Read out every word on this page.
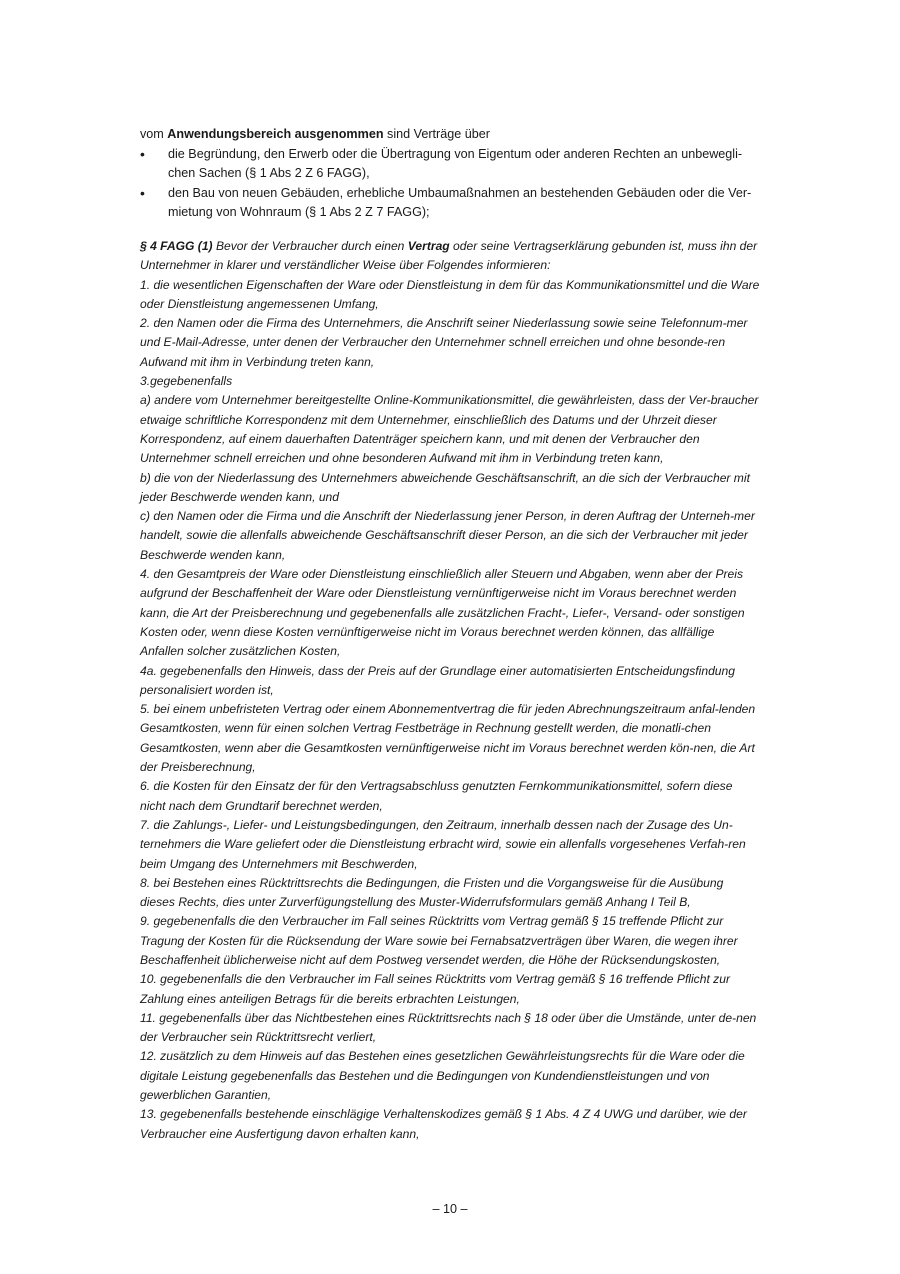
vom Anwendungsbereich ausgenommen sind Verträge über

• die Begründung, den Erwerb oder die Übertragung von Eigentum oder anderen Rechten an unbewegli-chen Sachen (§ 1 Abs 2 Z 6 FAGG),
• den Bau von neuen Gebäuden, erhebliche Umbaumaßnahmen an bestehenden Gebäuden oder die Ver-mietung von Wohnraum (§ 1 Abs 2 Z 7 FAGG);

§ 4 FAGG (1) Bevor der Verbraucher durch einen Vertrag oder seine Vertragserklärung gebunden ist, muss ihn der Unternehmer in klarer und verständlicher Weise über Folgendes informieren:

1. die wesentlichen Eigenschaften der Ware oder Dienstleistung in dem für das Kommunikationsmittel und die Ware oder Dienstleistung angemessenen Umfang,

2. den Namen oder die Firma des Unternehmers, die Anschrift seiner Niederlassung sowie seine Telefonnum-mer und E-Mail-Adresse, unter denen der Verbraucher den Unternehmer schnell erreichen und ohne besonde-ren Aufwand mit ihm in Verbindung treten kann,

3.gegebenenfalls

a) andere vom Unternehmer bereitgestellte Online-Kommunikationsmittel, die gewährleisten, dass der Ver-braucher etwaige schriftliche Korrespondenz mit dem Unternehmer, einschließlich des Datums und der Uhrzeit dieser Korrespondenz, auf einem dauerhaften Datenträger speichern kann, und mit denen der Verbraucher den Unternehmer schnell erreichen und ohne besonderen Aufwand mit ihm in Verbindung treten kann,

b) die von der Niederlassung des Unternehmers abweichende Geschäftsanschrift, an die sich der Verbraucher mit jeder Beschwerde wenden kann, und

c) den Namen oder die Firma und die Anschrift der Niederlassung jener Person, in deren Auftrag der Unterneh-mer handelt, sowie die allenfalls abweichende Geschäftsanschrift dieser Person, an die sich der Verbraucher mit jeder Beschwerde wenden kann,

4. den Gesamtpreis der Ware oder Dienstleistung einschließlich aller Steuern und Abgaben, wenn aber der Preis aufgrund der Beschaffenheit der Ware oder Dienstleistung vernünftigerweise nicht im Voraus berechnet werden kann, die Art der Preisberechnung und gegebenenfalls alle zusätzlichen Fracht-, Liefer-, Versand- oder sonstigen Kosten oder, wenn diese Kosten vernünftigerweise nicht im Voraus berechnet werden können, das allfällige Anfallen solcher zusätzlichen Kosten,

4a. gegebenenfalls den Hinweis, dass der Preis auf der Grundlage einer automatisierten Entscheidungsfindung personalisiert worden ist,

5. bei einem unbefristeten Vertrag oder einem Abonnementvertrag die für jeden Abrechnungszeitraum anfal-lenden Gesamtkosten, wenn für einen solchen Vertrag Festbeträge in Rechnung gestellt werden, die monatli-chen Gesamtkosten, wenn aber die Gesamtkosten vernünftigerweise nicht im Voraus berechnet werden kön-nen, die Art der Preisberechnung,

6. die Kosten für den Einsatz der für den Vertragsabschluss genutzten Fernkommunikationsmittel, sofern diese nicht nach dem Grundtarif berechnet werden,

7. die Zahlungs-, Liefer- und Leistungsbedingungen, den Zeitraum, innerhalb dessen nach der Zusage des Un-ternehmers die Ware geliefert oder die Dienstleistung erbracht wird, sowie ein allenfalls vorgesehenes Verfah-ren beim Umgang des Unternehmers mit Beschwerden,

8. bei Bestehen eines Rücktrittsrechts die Bedingungen, die Fristen und die Vorgangsweise für die Ausübung dieses Rechts, dies unter Zurverfügungstellung des Muster-Widerrufsformulars gemäß Anhang I Teil B,

9. gegebenenfalls die den Verbraucher im Fall seines Rücktritts vom Vertrag gemäß § 15 treffende Pflicht zur Tragung der Kosten für die Rücksendung der Ware sowie bei Fernabsatzverträgen über Waren, die wegen ihrer Beschaffenheit üblicherweise nicht auf dem Postweg versendet werden, die Höhe der Rücksendungskosten,

10. gegebenenfalls die den Verbraucher im Fall seines Rücktritts vom Vertrag gemäß § 16 treffende Pflicht zur Zahlung eines anteiligen Betrags für die bereits erbrachten Leistungen,

11. gegebenenfalls über das Nichtbestehen eines Rücktrittsrechts nach § 18 oder über die Umstände, unter de-nen der Verbraucher sein Rücktrittsrecht verliert,

12. zusätzlich zu dem Hinweis auf das Bestehen eines gesetzlichen Gewährleistungsrechts für die Ware oder die digitale Leistung gegebenenfalls das Bestehen und die Bedingungen von Kundendienstleistungen und von gewerblichen Garantien,

13. gegebenenfalls bestehende einschlägige Verhaltenskodizes gemäß § 1 Abs. 4 Z 4 UWG und darüber, wie der Verbraucher eine Ausfertigung davon erhalten kann,

– 10 –
